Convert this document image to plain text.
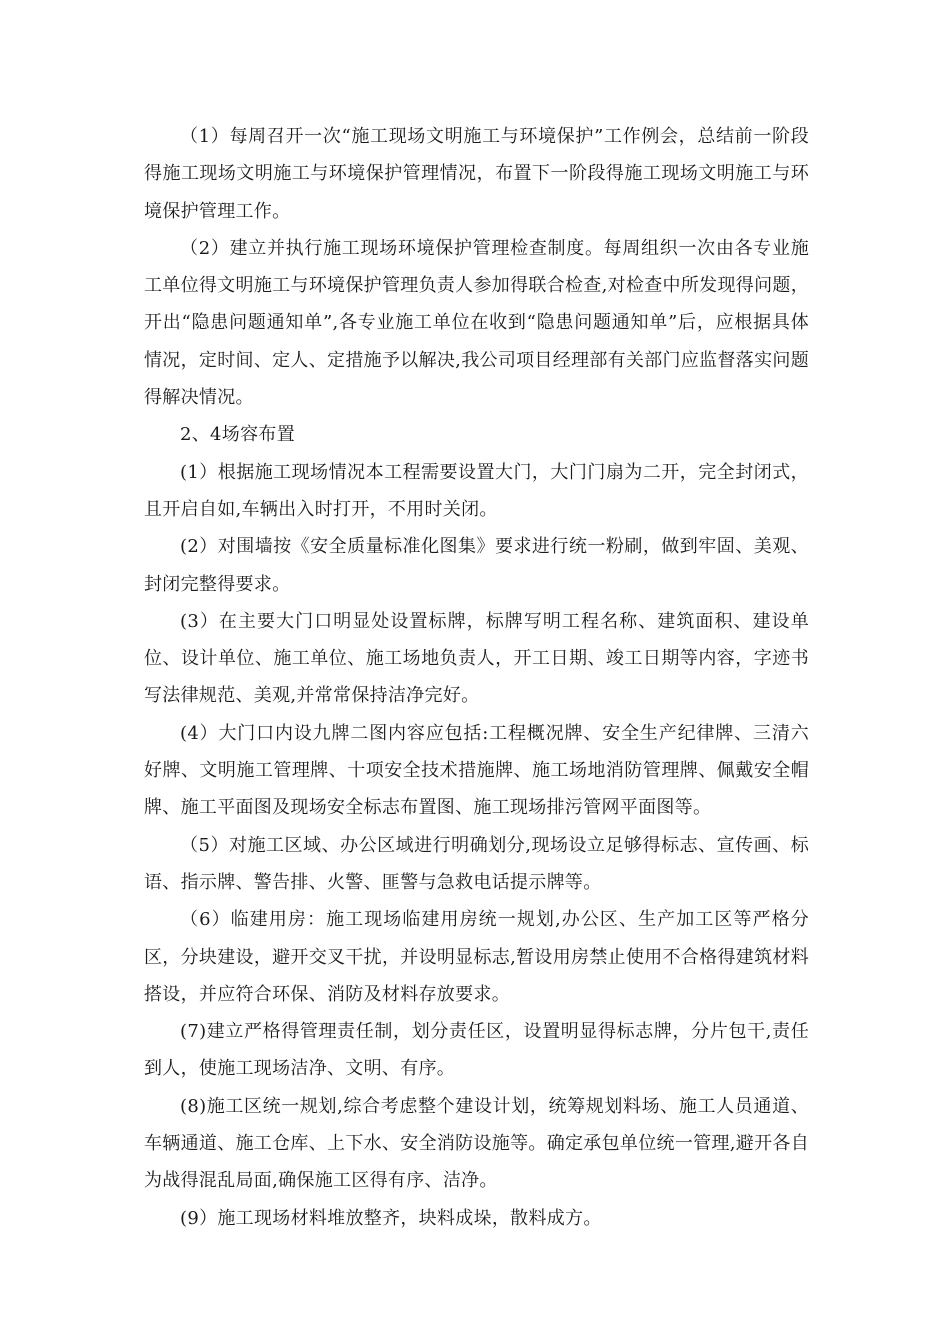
（1）每周召开一次“施工现场文明施工与环境保护”工作例会，总结前一阶段得施工现场文明施工与环境保护管理情况，布置下一阶段得施工现场文明施工与环境保护管理工作。

（2）建立并执行施工现场环境保护管理检查制度。每周组织一次由各专业施工单位得文明施工与环境保护管理负责人参加得联合检查,对检查中所发现得问题，开出“隐患问题通知单”,各专业施工单位在收到“隐患问题通知单”后，应根据具体情况，定时间、定人、定措施予以解决,我公司项目经理部有关部门应监督落实问题得解决情况。

2、4场容布置

(1）根据施工现场情况本工程需要设置大门，大门门扇为二开，完全封闭式，且开启自如,车辆出入时打开，不用时关闭。

(2）对围墙按《安全质量标准化图集》要求进行统一粉刷，做到牢固、美观、封闭完整得要求。

(3）在主要大门口明显处设置标牌，标牌写明工程名称、建筑面积、建设单位、设计单位、施工单位、施工场地负责人，开工日期、竣工日期等内容，字迹书写法律规范、美观,并常常保持洁净完好。

(4）大门口内设九牌二图内容应包括:工程概况牌、安全生产纪律牌、三清六好牌、文明施工管理牌、十项安全技术措施牌、施工场地消防管理牌、佩戴安全帽牌、施工平面图及现场安全标志布置图、施工现场排污管网平面图等。

（5）对施工区域、办公区域进行明确划分,现场设立足够得标志、宣传画、标语、指示牌、警告排、火警、匪警与急救电话提示牌等。

（6）临建用房：施工现场临建用房统一规划,办公区、生产加工区等严格分区，分块建设，避开交叉干扰，并设明显标志,暂设用房禁止使用不合格得建筑材料搭设，并应符合环保、消防及材料存放要求。

(7)建立严格得管理责任制，划分责任区，设置明显得标志牌，分片包干,责任到人，使施工现场洁净、文明、有序。

(8)施工区统一规划,综合考虑整个建设计划，统筹规划料场、施工人员通道、车辆通道、施工仓库、上下水、安全消防设施等。确定承包单位统一管理,避开各自为战得混乱局面,确保施工区得有序、洁净。

(9）施工现场材料堆放整齐，块料成垛，散料成方。
